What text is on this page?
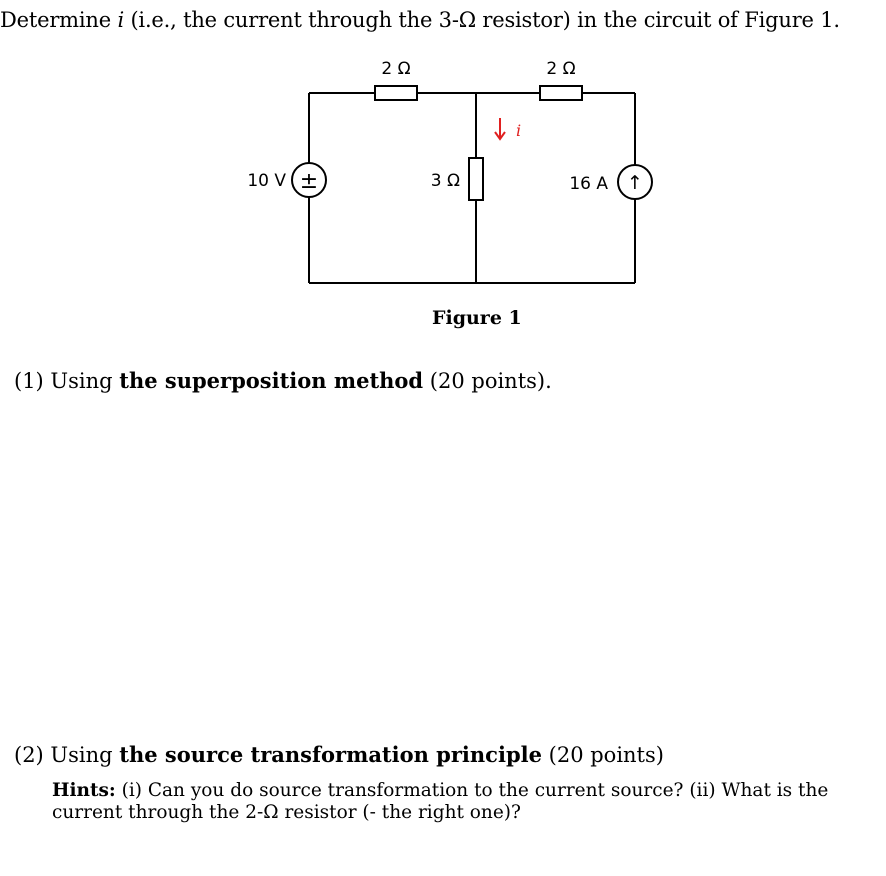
Determine i (i.e., the current through the 3-Ω resistor) in the circuit of Figure 1.
2 Ω	2 Ω
3 Ω
10 V ±	16 A ↑
i
Figure 1
(1) Using the superposition method (20 points).
(2) Using the source transformation principle (20 points)
Hints: (i) Can you do source transformation to the current source? (ii) What is the current through the 2-Ω resistor (- the right one)?
